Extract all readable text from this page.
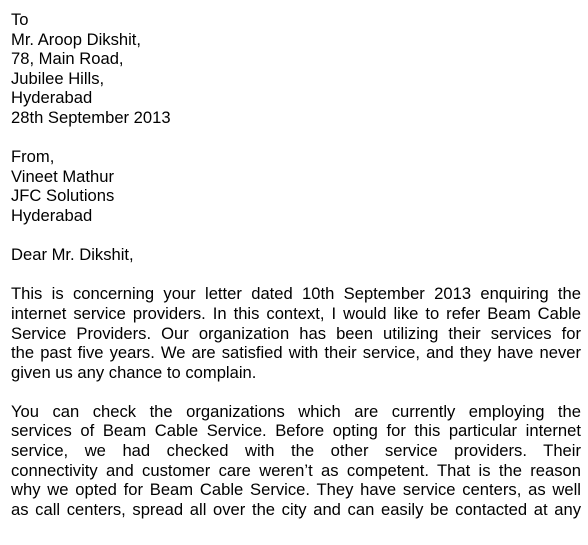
To
Mr. Aroop Dikshit,
78, Main Road,
Jubilee Hills,
Hyderabad
28th September 2013
From,
Vineet Mathur
JFC Solutions
Hyderabad
Dear Mr. Dikshit,
This is concerning your letter dated 10th September 2013 enquiring the
internet service providers. In this context, I would like to refer Beam Cable
Service Providers. Our organization has been utilizing their services for
the past five years. We are satisfied with their service, and they have never
given us any chance to complain.
You can check the organizations which are currently employing the
services of Beam Cable Service. Before opting for this particular internet
service, we had checked with the other service providers. Their
connectivity and customer care weren’t as competent. That is the reason
why we opted for Beam Cable Service. They have service centers, as well
as call centers, spread all over the city and can easily be contacted at any
